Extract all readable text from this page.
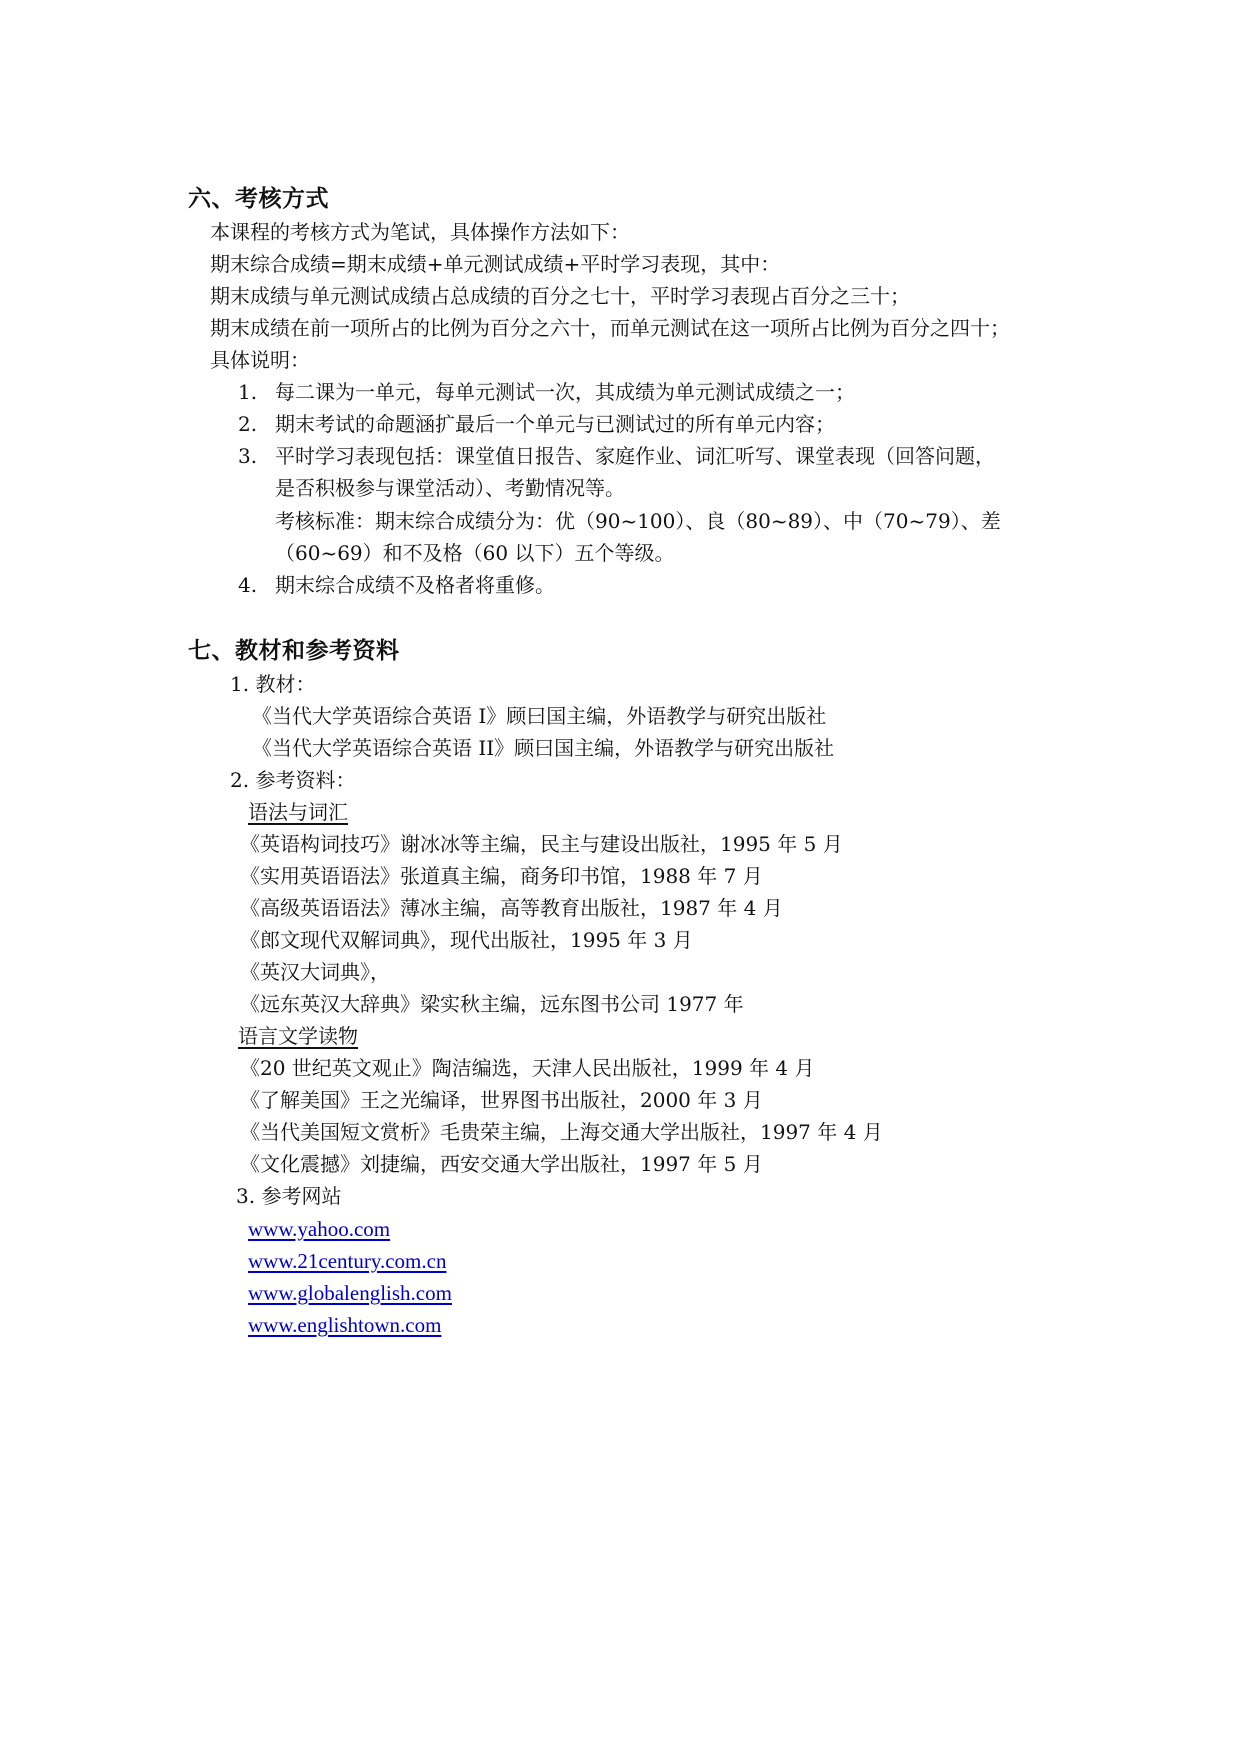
六、考核方式
本课程的考核方式为笔试，具体操作方法如下：
期末综合成绩=期末成绩+单元测试成绩+平时学习表现，其中：
期末成绩与单元测试成绩占总成绩的百分之七十，平时学习表现占百分之三十；
期末成绩在前一项所占的比例为百分之六十，而单元测试在这一项所占比例为百分之四十；
具体说明：
1. 每二课为一单元，每单元测试一次，其成绩为单元测试成绩之一；
2. 期末考试的命题涵扩最后一个单元与已测试过的所有单元内容；
3. 平时学习表现包括：课堂值日报告、家庭作业、词汇听写、课堂表现（回答问题，
是否积极参与课堂活动）、考勤情况等。
考核标准：期末综合成绩分为：优（90~100）、良（80~89）、中（70~79）、差
（60~69）和不及格（60 以下）五个等级。
4. 期末综合成绩不及格者将重修。
七、教材和参考资料
1. 教材：
《当代大学英语综合英语 I》顾曰国主编，外语教学与研究出版社
《当代大学英语综合英语 II》顾曰国主编，外语教学与研究出版社
2. 参考资料：
语法与词汇
《英语构词技巧》谢冰冰等主编，民主与建设出版社，1995 年 5 月
《实用英语语法》张道真主编，商务印书馆，1988 年 7 月
《高级英语语法》薄冰主编，高等教育出版社，1987 年 4 月
《郎文现代双解词典》，现代出版社，1995 年 3 月
《英汉大词典》，
《远东英汉大辞典》梁实秋主编，远东图书公司 1977 年
语言文学读物
《20 世纪英文观止》陶洁编选，天津人民出版社，1999 年 4 月
《了解美国》王之光编译，世界图书出版社，2000 年 3 月
《当代美国短文赏析》毛贵荣主编，上海交通大学出版社，1997 年 4 月
《文化震撼》刘捷编，西安交通大学出版社，1997 年 5 月
3. 参考网站
www.yahoo.com
www.21century.com.cn
www.globalenglish.com
www.englishtown.com
